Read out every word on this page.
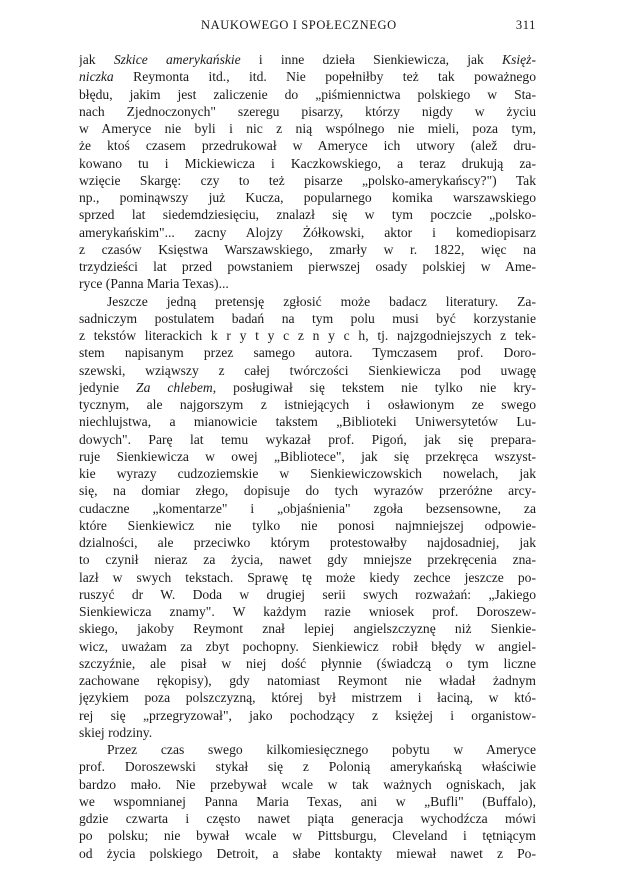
NAUKOWEGO I SPOŁECZNEGO	311

jak Szkice amerykańskie i inne dzieła Sienkiewicza, jak Księż-
niczka Reymonta itd., itd. Nie popełniłby też tak poważnego
błędu, jakim jest zaliczenie do „piśmiennictwa polskiego w Sta-
nach Zjednoczonych" szeregu pisarzy, którzy nigdy w życiu
w Ameryce nie byli i nic z nią wspólnego nie mieli, poza tym,
że ktoś czasem przedrukował w Ameryce ich utwory (alež dru-
kowano tu i Mickiewicza i Kaczkowskiego, a teraz drukują za-
wzięcie Skargę: czy to też pisarze „polsko-amerykańscy?") Tak
np., pominąwszy już Kucza, popularnego komika warszawskiego
sprzed lat siedemdziesięciu, znalazł się w tym poczcie „polsko-
amerykańskim"... zacny Alojzy Żółkowski, aktor i komediopisarz
z czasów Księstwa Warszawskiego, zmarły w r. 1822, więc na
trzydzieści lat przed powstaniem pierwszej osady polskiej w Ame-
ryce (Panna Maria Texas)...

Jeszcze jedną pretensję zgłosić może badacz literatury. Za-
sadniczym postulatem badań na tym polu musi być korzystanie
z tekstów literackich k r y t y c z n y c h, tj. najzgodniejszych z tek-
stem napisanym przez samego autora. Tymczasem prof. Doro-
szewski, wziąwszy z całej twórczości Sienkiewicza pod uwagę
jedynie Za chlebem, posługiwał się tekstem nie tylko nie kry-
tycznym, ale najgorszym z istniejących i osławionym ze swego
niechlujstwa, a mianowicie takstem „Biblioteki Uniwersytetów Lu-
dowych". Parę lat temu wykazał prof. Pigoń, jak się prepara-
ruje Sienkiewicza w owej „Bibliotece", jak się przekręca wszyst-
kie wyrazy cudzoziemskie w Sienkiewiczowskich nowelach, jak
się, na domiar złego, dopisuje do tych wyrazów przeróżne arcy-
cudaczne „komentarze" i „objaśnienia" zgoła bezsensowne, za
które Sienkiewicz nie tylko nie ponosi najmniejszej odpowie-
dzialności, ale przeciwko którym protestowałby najdosadniej, jak
to czynił nieraz za życia, nawet gdy mniejsze przekręcenia zna-
lazł w swych tekstach. Sprawę tę może kiedy zechce jeszcze po-
ruszyć dr W. Doda w drugiej serii swych rozważań: „Jakiego
Sienkiewicza znamy". W każdym razie wniosek prof. Doroszew-
skiego, jakoby Reymont znał lepiej angielszczyznę niż Sienkie-
wicz, uważam za zbyt pochopny. Sienkiewicz robił błędy w angiel-
szczyźnie, ale pisał w niej dość płynnie (świadczą o tym liczne
zachowane rękopisy), gdy natomiast Reymont nie władał żadnym
językiem poza polszczyzną, której był mistrzem i łaciną, w któ-
rej się „przegryzował", jako pochodzący z księżej i organistow-
skiej rodziny.

Przez czas swego kilkomiesięcznego pobytu w Ameryce
prof. Doroszewski stykał się z Polonią amerykańską właściwie
bardzo mało. Nie przebywał wcale w tak ważnych ogniskach, jak
we wspomnianej Panna Maria Texas, ani w „Bufli" (Buffalo),
gdzie czwarta i często nawet piąta generacja wychodźcza mówi
po polsku; nie bywał wcale w Pittsburgu, Cleveland i tętniącym
od życia polskiego Detroit, a słabe kontakty miewał nawet z Po-
